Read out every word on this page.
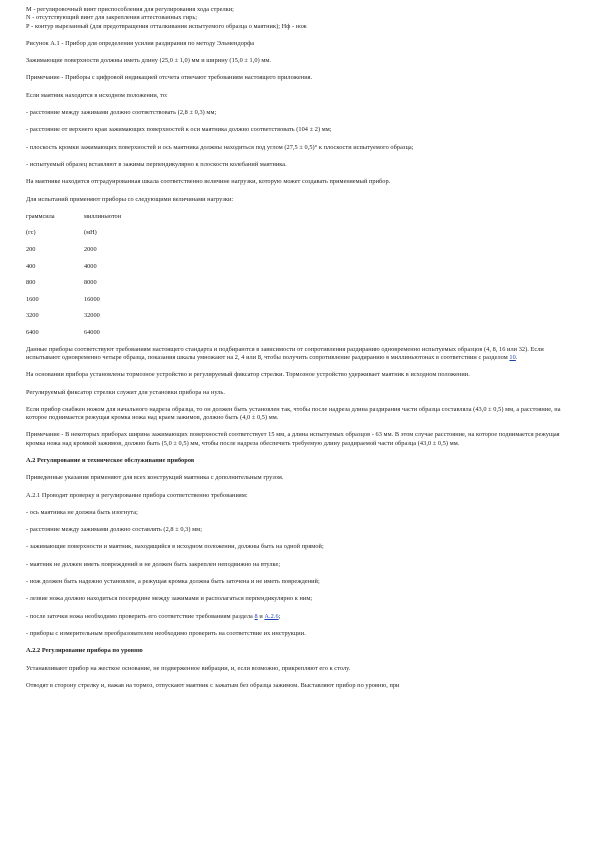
М - регулировочный винт приспособления для регулирования хода стрелки;

N - отсутствующий винт для закрепления аттестованных гирь;

Р - контур вырезанный (для предотвращения отталкивания испытуемого образца о маятник); Нф - нож

Рисунок А.1 - Прибор для определения усилия раздирания по методу Эльмендорфа

Зажимающие поверхности должны иметь длину (25,0 ± 1,0) мм и ширину (15,0 ± 1,0) мм.

Примечание - Приборы с цифровой индикацией отсчета отвечают требованиям настоящего приложения.

Если маятник находится в исходном положении, то:

- расстояние между зажимами должно соответствовать (2,8 ± 0,3) мм;

- расстояние от верхнего края зажимающих поверхностей к оси маятника должно соответствовать (104 ± 2) мм;

- плоскость кромки зажимающих поверхностей и ось маятника должны находиться под углом (27,5 ± 0,5)° к плоскости испытуемого образца;

- испытуемый образец вставляют в зажимы перпендикулярно к плоскости колебаний маятника.

На маятнике находится отградуированная шкала соответственно величине нагрузки, которую может создавать применяемый прибор.

Для испытаний применяют приборы со следующими величинами нагрузки:

граммсила	миллиньютон
(гс)	(мН)
200	2000
400	4000
800	8000
1600	16000
3200	32000
6400	64000

Данные приборы соответствуют требованиям настоящего стандарта и подбираются в зависимости от сопротивления раздиранию одновременно испытуемых образцов (4, 8, 16 или 32). Если испытывают одновременно четыре образца, показания шкалы умножают на 2, 4 или 8, чтобы получить сопротивление раздиранию в миллиньютонах в соответствии с разделом 10.

На основании прибора установлены тормозное устройство и регулируемый фиксатор стрелки. Тормозное устройство удерживает маятник в исходном положении.

Регулируемый фиксатор стрелки служит для установки прибора на нуль.

Если прибор снабжен ножом для начального надреза образца, то он должен быть установлен так, чтобы после надреза длина раздирания части образца составляла (43,0 ± 0,5) мм, а расстояние, на которое поднимается режущая кромка ножа над краем зажимов, должно быть (4,0 ± 0,5) мм.

Примечание - В некоторых приборах ширина зажимающих поверхностей соответствует 15 мм, а длина испытуемых образцов - 63 мм. В этом случае расстояние, на которое поднимается режущая кромка ножа над кромкой зажимов, должно быть (5,0 ± 0,5) мм, чтобы после надреза обеспечить требуемую длину раздираемой части образца (43,0 ± 0,5) мм.

А.2 Регулирование и техническое обслуживание приборов

Приведенные указания применяют для всех конструкций маятника с дополнительным грузом.

А.2.1 Проводят проверку и регулирование прибора соответственно требованиям:

- ось маятника не должна быть изогнута;

- расстояние между зажимами должно составлять (2,8 ± 0,3) мм;

- зажимающие поверхности и маятник, находящийся в исходном положении, должны быть на одной прямой;

- маятник не должен иметь повреждений и не должен быть закреплен неподвижно на втулке;

- нож должен быть надежно установлен, а режущая кромка должна быть заточена и не иметь повреждений;

- лезвие ножа должно находиться посередине между зажимами и располагаться перпендикулярно к ним;

- после заточки ножа необходимо проверить его соответствие требованиям раздела 8 и А.2.6;

- приборы с измерительным преобразователем необходимо проверить на соответствие их инструкции.

А.2.2 Регулирование прибора по уровню

Устанавливают прибор на жесткое основание, не подверженное вибрации, и, если возможно, прикрепляют его к столу.

Отводят в сторону стрелку и, нажав на тормоз, отпускают маятник с зажатым без образца зажимом. Выставляют прибор по уровню, при
